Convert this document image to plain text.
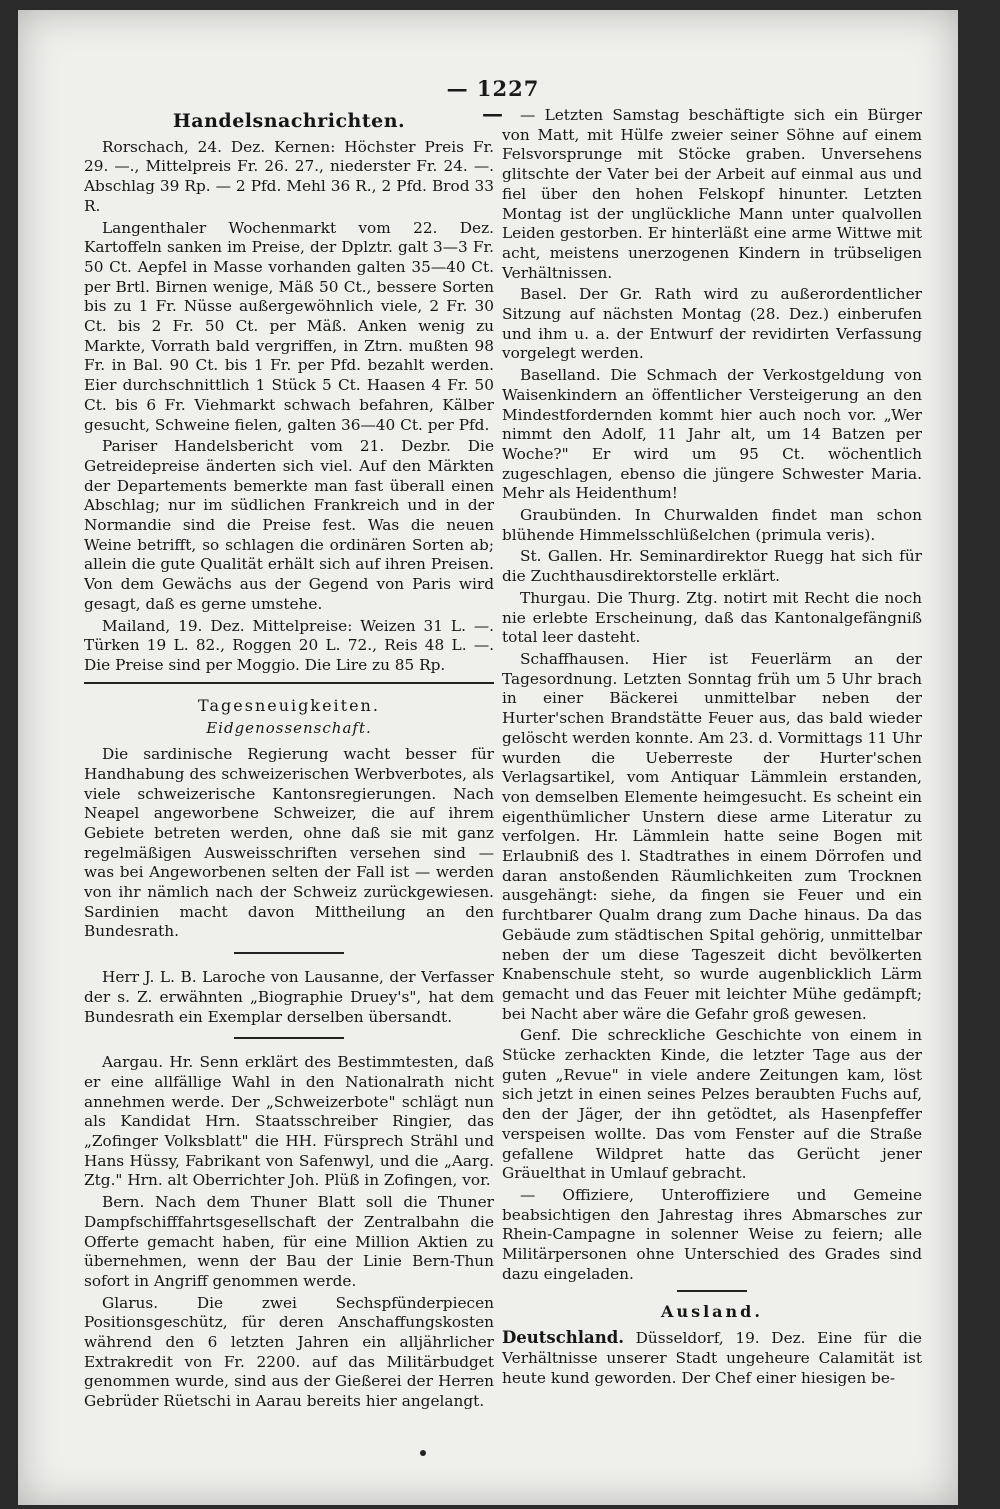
— 1227 —
Handelsnachrichten.

Rorschach, 24. Dez. Kernen: Höchster Preis Fr. 29. —., Mittelpreis Fr. 26. 27., niederster Fr. 24. —. Abschlag 39 Rp. — 2 Pfd. Mehl 36 R., 2 Pfd. Brod 33 R.

Langenthaler Wochenmarkt vom 22. Dez. Kartoffeln sanken im Preise, der Dplztr. galt 3—3 Fr. 50 Ct. Aepfel in Masse vorhanden galten 35—40 Ct. per Brtl. Birnen wenige, Mäß 50 Ct., bessere Sorten bis zu 1 Fr. Nüsse außergewöhnlich viele, 2 Fr. 30 Ct. bis 2 Fr. 50 Ct. per Mäß. Anken wenig zu Markte, Vorrath bald vergriffen, in Ztrn. mußten 98 Fr. in Bal. 90 Ct. bis 1 Fr. per Pfd. bezahlt werden. Eier durchschnittlich 1 Stück 5 Ct. Haasen 4 Fr. 50 Ct. bis 6 Fr. Viehmarkt schwach befahren, Kälber gesucht, Schweine fielen, galten 36—40 Ct. per Pfd.

Pariser Handelsbericht vom 21. Dezbr. Die Getreidepreise änderten sich viel. Auf den Märkten der Departements bemerkte man fast überall einen Abschlag; nur im südlichen Frankreich und in der Normandie sind die Preise fest. Was die neuen Weine betrifft, so schlagen die ordinären Sorten ab; allein die gute Qualität erhält sich auf ihren Preisen. Von dem Gewächs aus der Gegend von Paris wird gesagt, daß es gerne umstehe.

Mailand, 19. Dez. Mittelpreise: Weizen 31 L. —. Türken 19 L. 82., Roggen 20 L. 72., Reis 48 L. —. Die Preise sind per Moggio. Die Lire zu 85 Rp.

Tagesneuigkeiten.
Eidgenossenschaft.

Die sardinische Regierung wacht besser für Handhabung des schweizerischen Werbverbotes, als viele schweizerische Kantonsregierungen. Nach Neapel angeworbene Schweizer, die auf ihrem Gebiete betreten werden, ohne daß sie mit ganz regelmäßigen Ausweisschriften versehen sind — was bei Angeworbenen selten der Fall ist — werden von ihr nämlich nach der Schweiz zurückgewiesen. Sardinien macht davon Mittheilung an den Bundesrath.

Herr J. L. B. Laroche von Lausanne, der Verfasser der s. Z. erwähnten „Biographie Druey's", hat dem Bundesrath ein Exemplar derselben übersandt.

Aargau. Hr. Senn erklärt des Bestimmtesten, daß er eine allfällige Wahl in den Nationalrath nicht annehmen werde. Der „Schweizerbote" schlägt nun als Kandidat Hrn. Staatsschreiber Ringier, das „Zofinger Volksblatt" die HH. Fürsprech Strähl und Hans Hüssy, Fabrikant von Safenwyl, und die „Aarg. Ztg." Hrn. alt Oberrichter Joh. Plüß in Zofingen, vor.

Bern. Nach dem Thuner Blatt soll die Thuner Dampfschifffahrtsgesellschaft der Zentralbahn die Offerte gemacht haben, für eine Million Aktien zu übernehmen, wenn der Bau der Linie Bern-Thun sofort in Angriff genommen werde.

Glarus. Die zwei Sechspfünderpiecen Positionsgeschütz, für deren Anschaffungskosten während den 6 letzten Jahren ein alljährlicher Extrakredit von Fr. 2200. auf das Militärbudget genommen wurde, sind aus der Gießerei der Herren Gebrüder Rüetschi in Aarau bereits hier angelangt.

— Letzten Samstag beschäftigte sich ein Bürger von Matt, mit Hülfe zweier seiner Söhne auf einem Felsvorsprunge mit Stöcke graben. Unversehens glitschte der Vater bei der Arbeit auf einmal aus und fiel über den hohen Felskopf hinunter. Letzten Montag ist der unglückliche Mann unter qualvollen Leiden gestorben. Er hinterläßt eine arme Wittwe mit acht, meistens unerzogenen Kindern in trübseligen Verhältnissen.

Basel. Der Gr. Rath wird zu außerordentlicher Sitzung auf nächsten Montag (28. Dez.) einberufen und ihm u. a. der Entwurf der revidirten Verfassung vorgelegt werden.

Baselland. Die Schmach der Verkostgeldung von Waisenkindern an öffentlicher Versteigerung an den Mindestfordernden kommt hier auch noch vor. „Wer nimmt den Adolf, 11 Jahr alt, um 14 Batzen per Woche?" Er wird um 95 Ct. wöchentlich zugeschlagen, ebenso die jüngere Schwester Maria. Mehr als Heidenthum!

Graubünden. In Churwalden findet man schon blühende Himmelsschlüßelchen (primula veris).

St. Gallen. Hr. Seminardirektor Ruegg hat sich für die Zuchthausdirektorstelle erklärt.

Thurgau. Die Thurg. Ztg. notirt mit Recht die noch nie erlebte Erscheinung, daß das Kantonalgefängniß total leer dasteht.

Schaffhausen. Hier ist Feuerlärm an der Tagesordnung. Letzten Sonntag früh um 5 Uhr brach in einer Bäckerei unmittelbar neben der Hurter'schen Brandstätte Feuer aus, das bald wieder gelöscht werden konnte. Am 23. d. Vormittags 11 Uhr wurden die Ueberreste der Hurter'schen Verlagsartikel, vom Antiquar Lämmlein erstanden, von demselben Elemente heimgesucht. Es scheint ein eigenthümlicher Unstern diese arme Literatur zu verfolgen. Hr. Lämmlein hatte seine Bogen mit Erlaubniß des l. Stadtrathes in einem Dörrofen und daran anstoßenden Räumlichkeiten zum Trocknen ausgehängt: siehe, da fingen sie Feuer und ein furchtbarer Qualm drang zum Dache hinaus. Da das Gebäude zum städtischen Spital gehörig, unmittelbar neben der um diese Tageszeit dicht bevölkerten Knabenschule steht, so wurde augenblicklich Lärm gemacht und das Feuer mit leichter Mühe gedämpft; bei Nacht aber wäre die Gefahr groß gewesen.

Genf. Die schreckliche Geschichte von einem in Stücke zerhackten Kinde, die letzter Tage aus der guten „Revue" in viele andere Zeitungen kam, löst sich jetzt in einen seines Pelzes beraubten Fuchs auf, den der Jäger, der ihn getödtet, als Hasenpfeffer verspeisen wollte. Das vom Fenster auf die Straße gefallene Wildpret hatte das Gerücht jener Gräuelthat in Umlauf gebracht.

— Offiziere, Unteroffiziere und Gemeine beabsichtigen den Jahrestag ihres Abmarsches zur Rhein-Campagne in solenner Weise zu feiern; alle Militärpersonen ohne Unterschied des Grades sind dazu eingeladen.

Ausland.

Deutschland. Düsseldorf, 19. Dez. Eine für die Verhältnisse unserer Stadt ungeheure Calamität ist heute kund geworden. Der Chef einer hiesigen be-
